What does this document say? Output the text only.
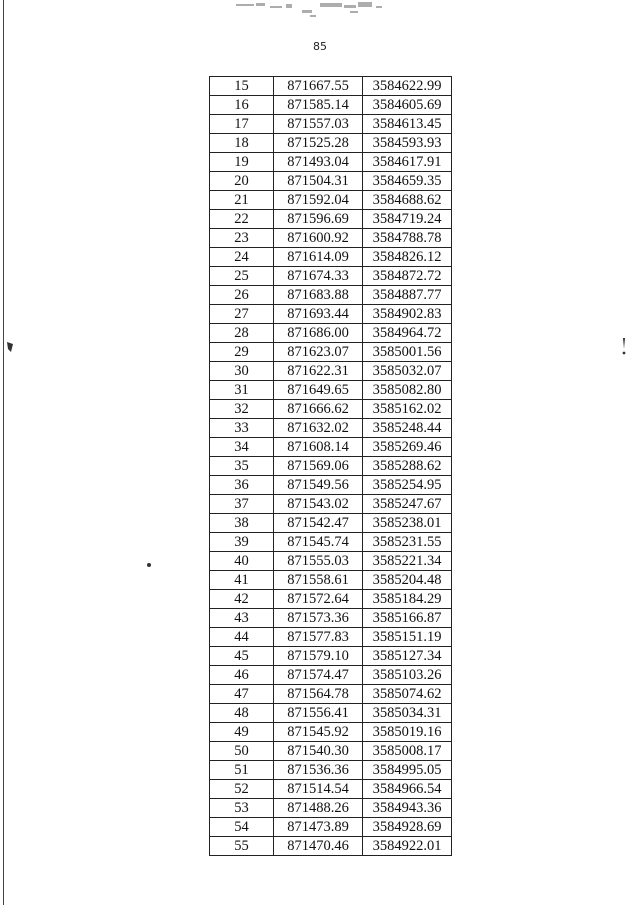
85
15	871667.55	3584622.99
16	871585.14	3584605.69
17	871557.03	3584613.45
18	871525.28	3584593.93
19	871493.04	3584617.91
20	871504.31	3584659.35
21	871592.04	3584688.62
22	871596.69	3584719.24
23	871600.92	3584788.78
24	871614.09	3584826.12
25	871674.33	3584872.72
26	871683.88	3584887.77
27	871693.44	3584902.83
28	871686.00	3584964.72
29	871623.07	3585001.56
30	871622.31	3585032.07
31	871649.65	3585082.80
32	871666.62	3585162.02
33	871632.02	3585248.44
34	871608.14	3585269.46
35	871569.06	3585288.62
36	871549.56	3585254.95
37	871543.02	3585247.67
38	871542.47	3585238.01
39	871545.74	3585231.55
40	871555.03	3585221.34
41	871558.61	3585204.48
42	871572.64	3585184.29
43	871573.36	3585166.87
44	871577.83	3585151.19
45	871579.10	3585127.34
46	871574.47	3585103.26
47	871564.78	3585074.62
48	871556.41	3585034.31
49	871545.92	3585019.16
50	871540.30	3585008.17
51	871536.36	3584995.05
52	871514.54	3584966.54
53	871488.26	3584943.36
54	871473.89	3584928.69
55	871470.46	3584922.01
